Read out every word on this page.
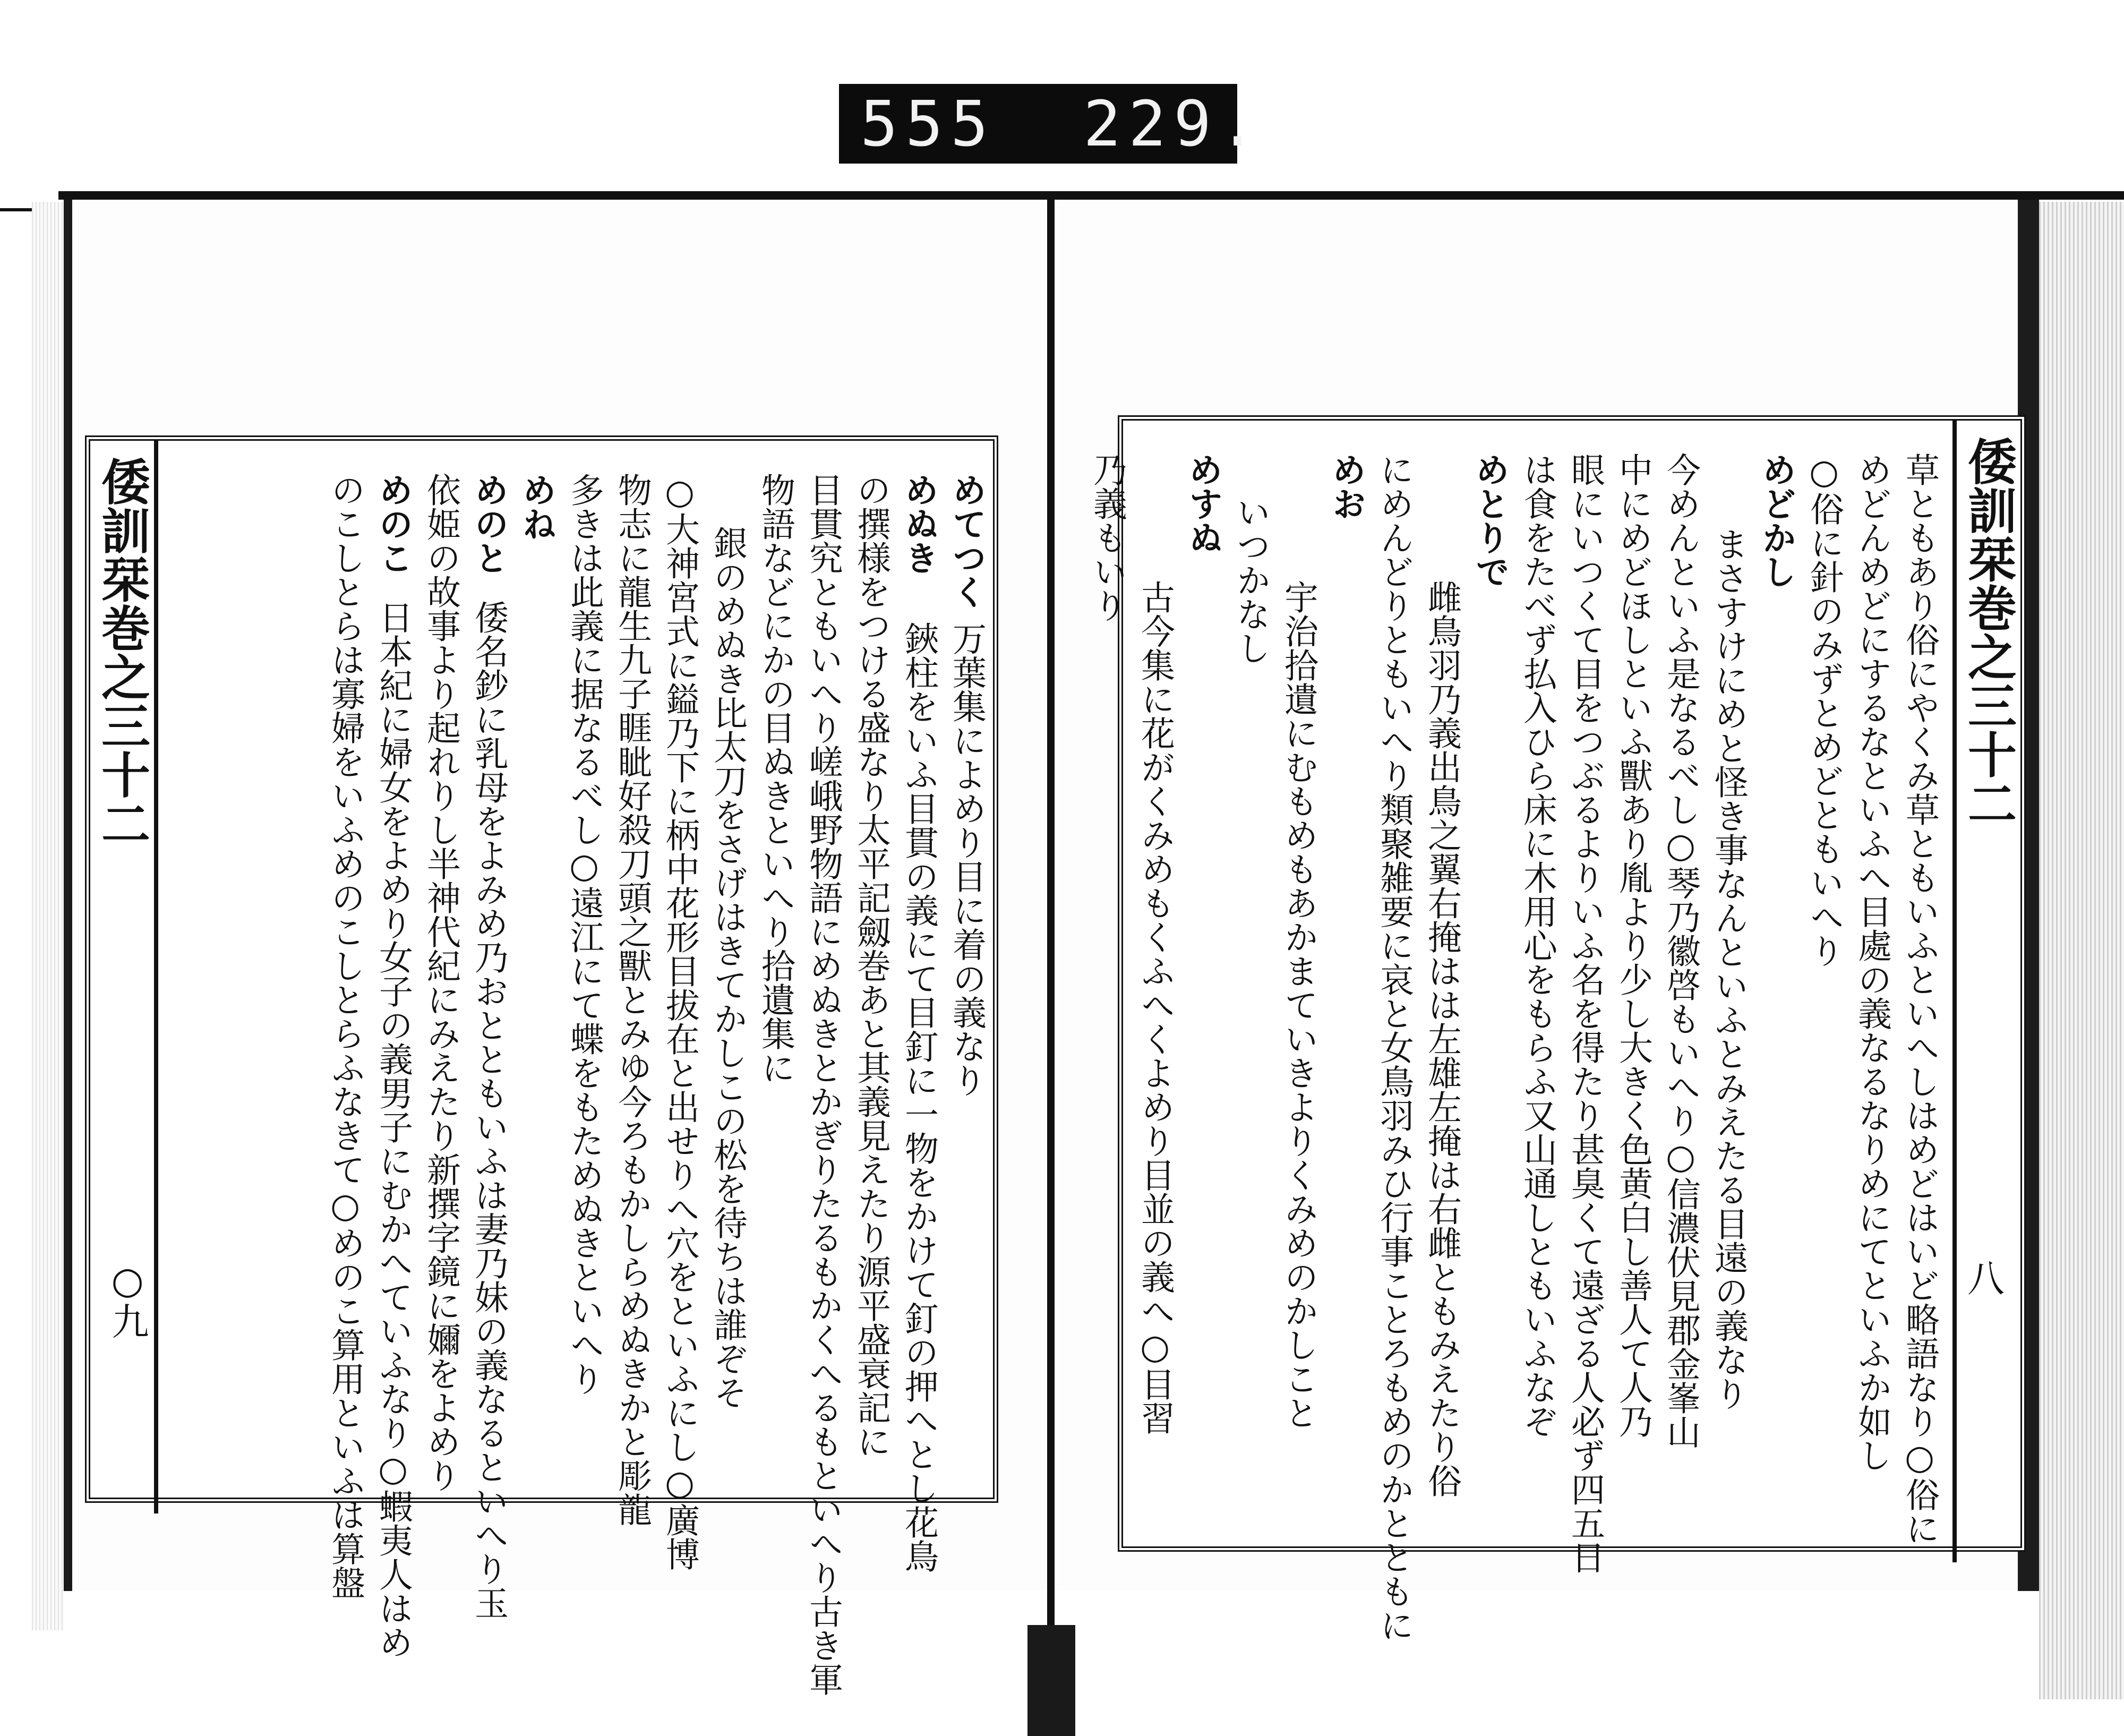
555 229.
倭訓栞巻之三十二
○九
めてつく
万葉集によめり目に着の義なり
めぬき
鋏柱をいふ目貫の義にて目釘に一物をかけて釘の押へとし花鳥
の撰様をつける盛なり太平記劔巻あと其義見えたり源平盛衰記に
目貫究ともいへり嵯峨野物語にめぬきとかぎりたるもかくへるもといへり古き軍
物語などにかの目ぬきといへり拾遺集に
銀のめぬき比太刀をさげはきてかしこの松を待ちは誰ぞそ
○大神宮式に鎰乃下に柄中花形目拔在と出せりへ穴をといふにし○廣博
物志に龍生九子睚眦好殺刀頭之獸とみゆ今ろもかしらめぬきかと彫龍
多きは此義に据なるべし○遠江にて蝶をもためぬきといへり
めね
めのと
倭名鈔に乳母をよみめ乃おとともいふは妻乃妹の義なるといへり玉
依姫の故事より起れりし半神代紀にみえたり新撰字鏡に嬭をよめり
めのこ
日本紀に婦女をよめり女子の義男子にむかへていふなり○蝦夷人はめ
のこしとらは寡婦をいふめのこしとらふなきて○めのこ算用といふは算盤	倭訓栞巻之三十二
八
草ともあり俗にやくみ草ともいふといへしはめどはいど略語なり○俗に
めどんめどにするなといふへ目處の義なるなりめにてといふか如し
○俗に針のみずとめどともいへり
めどかし
まさすけにめと怪き事なんといふとみえたる目遠の義なり
今めんといふ是なるべし○琴乃徽啓もいへり○信濃伏見郡金峯山
中にめどほしといふ獸あり胤より少し大きく色黄白し善人て人乃
眼にいつくて目をつぶるよりいふ名を得たり甚臭くて遠ざる人必ず四五日
は食をたべず払入ひら床に木用心をもらふ又山通しともいふなぞ
めとりで
雌鳥羽乃義出鳥之翼右掩はは左雄左掩は右雌ともみえたり俗
にめんどりともいへり類聚雑要に哀と女鳥羽みひ行事ことろもめのかとともに
めお
宇治拾遺にむもめもあかまていきよりくみめのかしこと
いつかなし
めすぬ
古今集に花がくみめもくふへくよめり目並の義へ○目習
乃義もいり
